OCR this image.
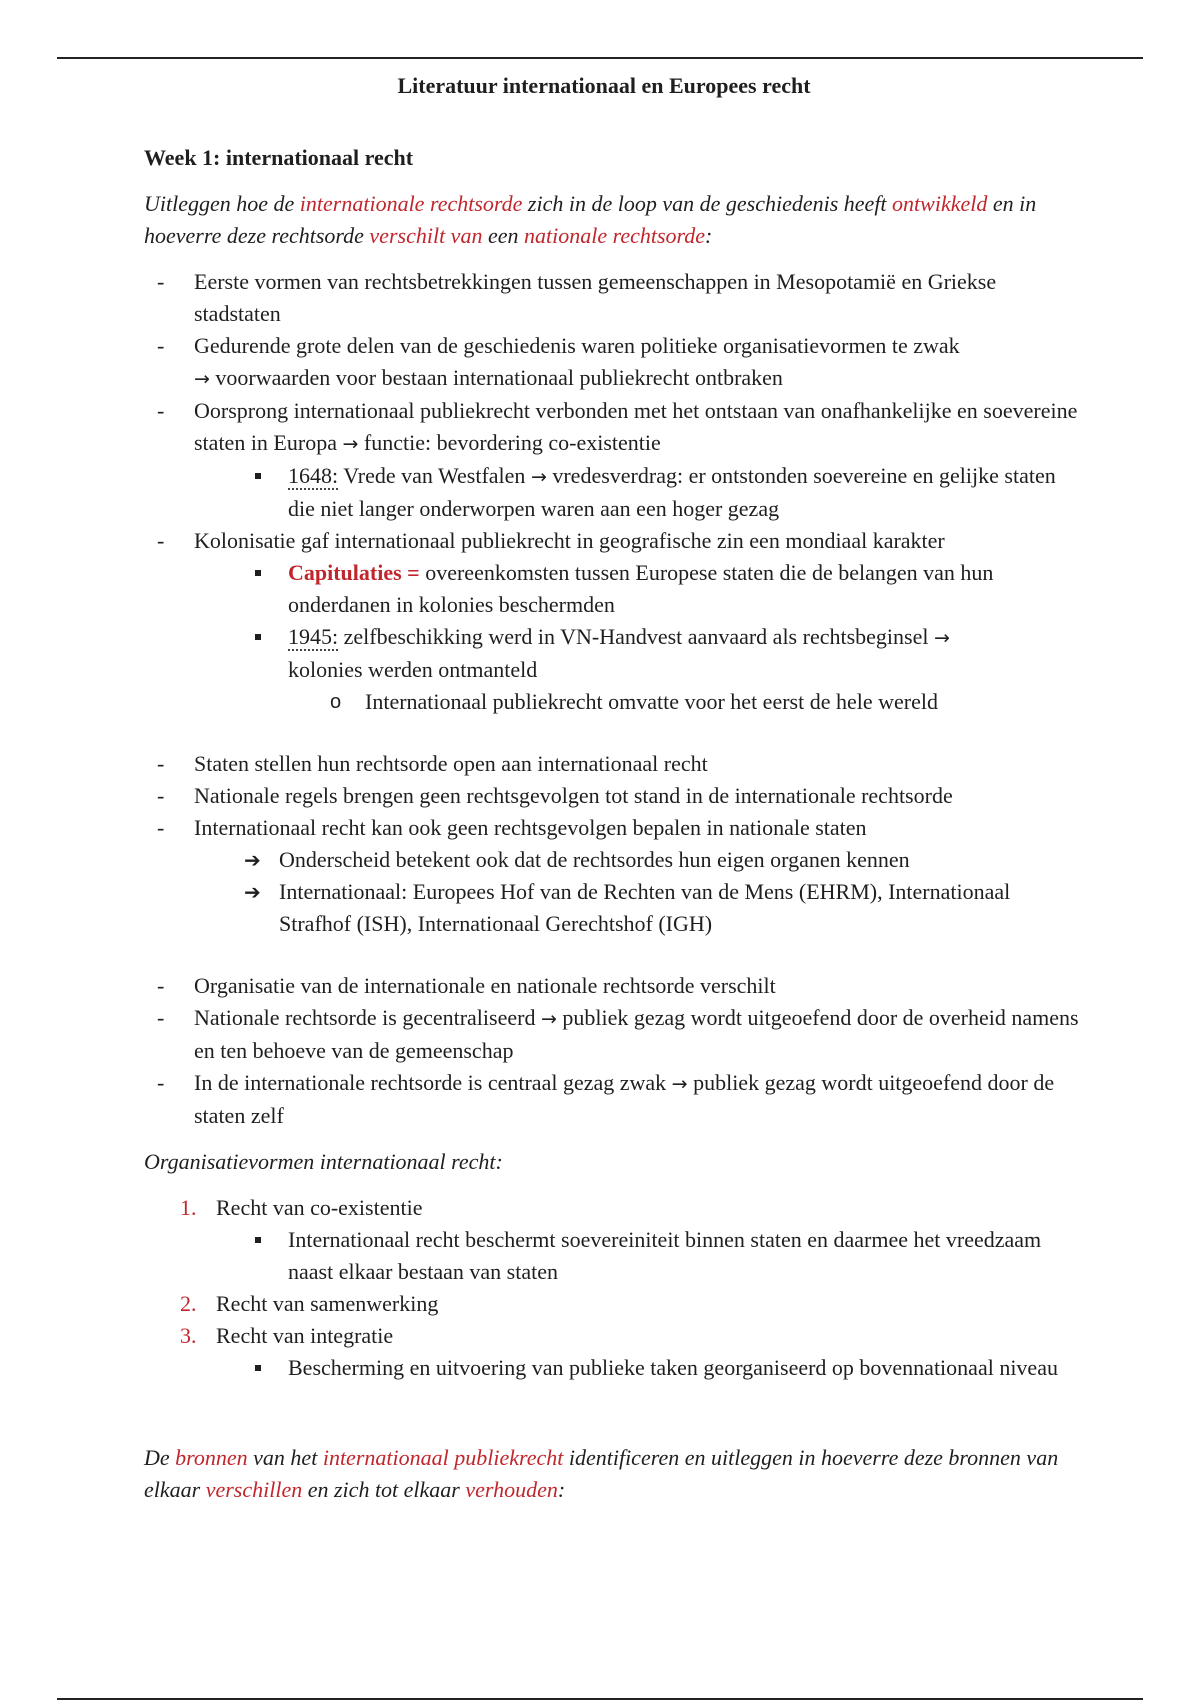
Literatuur internationaal en Europees recht
Week 1: internationaal recht
Uitleggen hoe de internationale rechtsorde zich in de loop van de geschiedenis heeft ontwikkeld en in hoeverre deze rechtsorde verschilt van een nationale rechtsorde:
- Eerste vormen van rechtsbetrekkingen tussen gemeenschappen in Mesopotamië en Griekse stadstaten
- Gedurende grote delen van de geschiedenis waren politieke organisatievormen te zwak
→ voorwaarden voor bestaan internationaal publiekrecht ontbraken
- Oorsprong internationaal publiekrecht verbonden met het ontstaan van onafhankelijke en soevereine staten in Europa → functie: bevordering co-existentie
1648: Vrede van Westfalen → vredesverdrag: er ontstonden soevereine en gelijke staten die niet langer onderworpen waren aan een hoger gezag
- Kolonisatie gaf internationaal publiekrecht in geografische zin een mondiaal karakter
Capitulaties = overeenkomsten tussen Europese staten die de belangen van hun onderdanen in kolonies beschermden
1945: zelfbeschikking werd in VN-Handvest aanvaard als rechtsbeginsel →
kolonies werden ontmanteld
o Internationaal publiekrecht omvatte voor het eerst de hele wereld
- Staten stellen hun rechtsorde open aan internationaal recht
- Nationale regels brengen geen rechtsgevolgen tot stand in de internationale rechtsorde
- Internationaal recht kan ook geen rechtsgevolgen bepalen in nationale staten
➔ Onderscheid betekent ook dat de rechtsordes hun eigen organen kennen
➔ Internationaal: Europees Hof van de Rechten van de Mens (EHRM), Internationaal Strafhof (ISH), Internationaal Gerechtshof (IGH)
- Organisatie van de internationale en nationale rechtsorde verschilt
- Nationale rechtsorde is gecentraliseerd → publiek gezag wordt uitgeoefend door de overheid namens en ten behoeve van de gemeenschap
- In de internationale rechtsorde is centraal gezag zwak → publiek gezag wordt uitgeoefend door de staten zelf
Organisatievormen internationaal recht:
1. Recht van co-existentie
Internationaal recht beschermt soevereiniteit binnen staten en daarmee het vreedzaam naast elkaar bestaan van staten
2. Recht van samenwerking
3. Recht van integratie
Bescherming en uitvoering van publieke taken georganiseerd op bovennationaal niveau
De bronnen van het internationaal publiekrecht identificeren en uitleggen in hoeverre deze bronnen van elkaar verschillen en zich tot elkaar verhouden:
